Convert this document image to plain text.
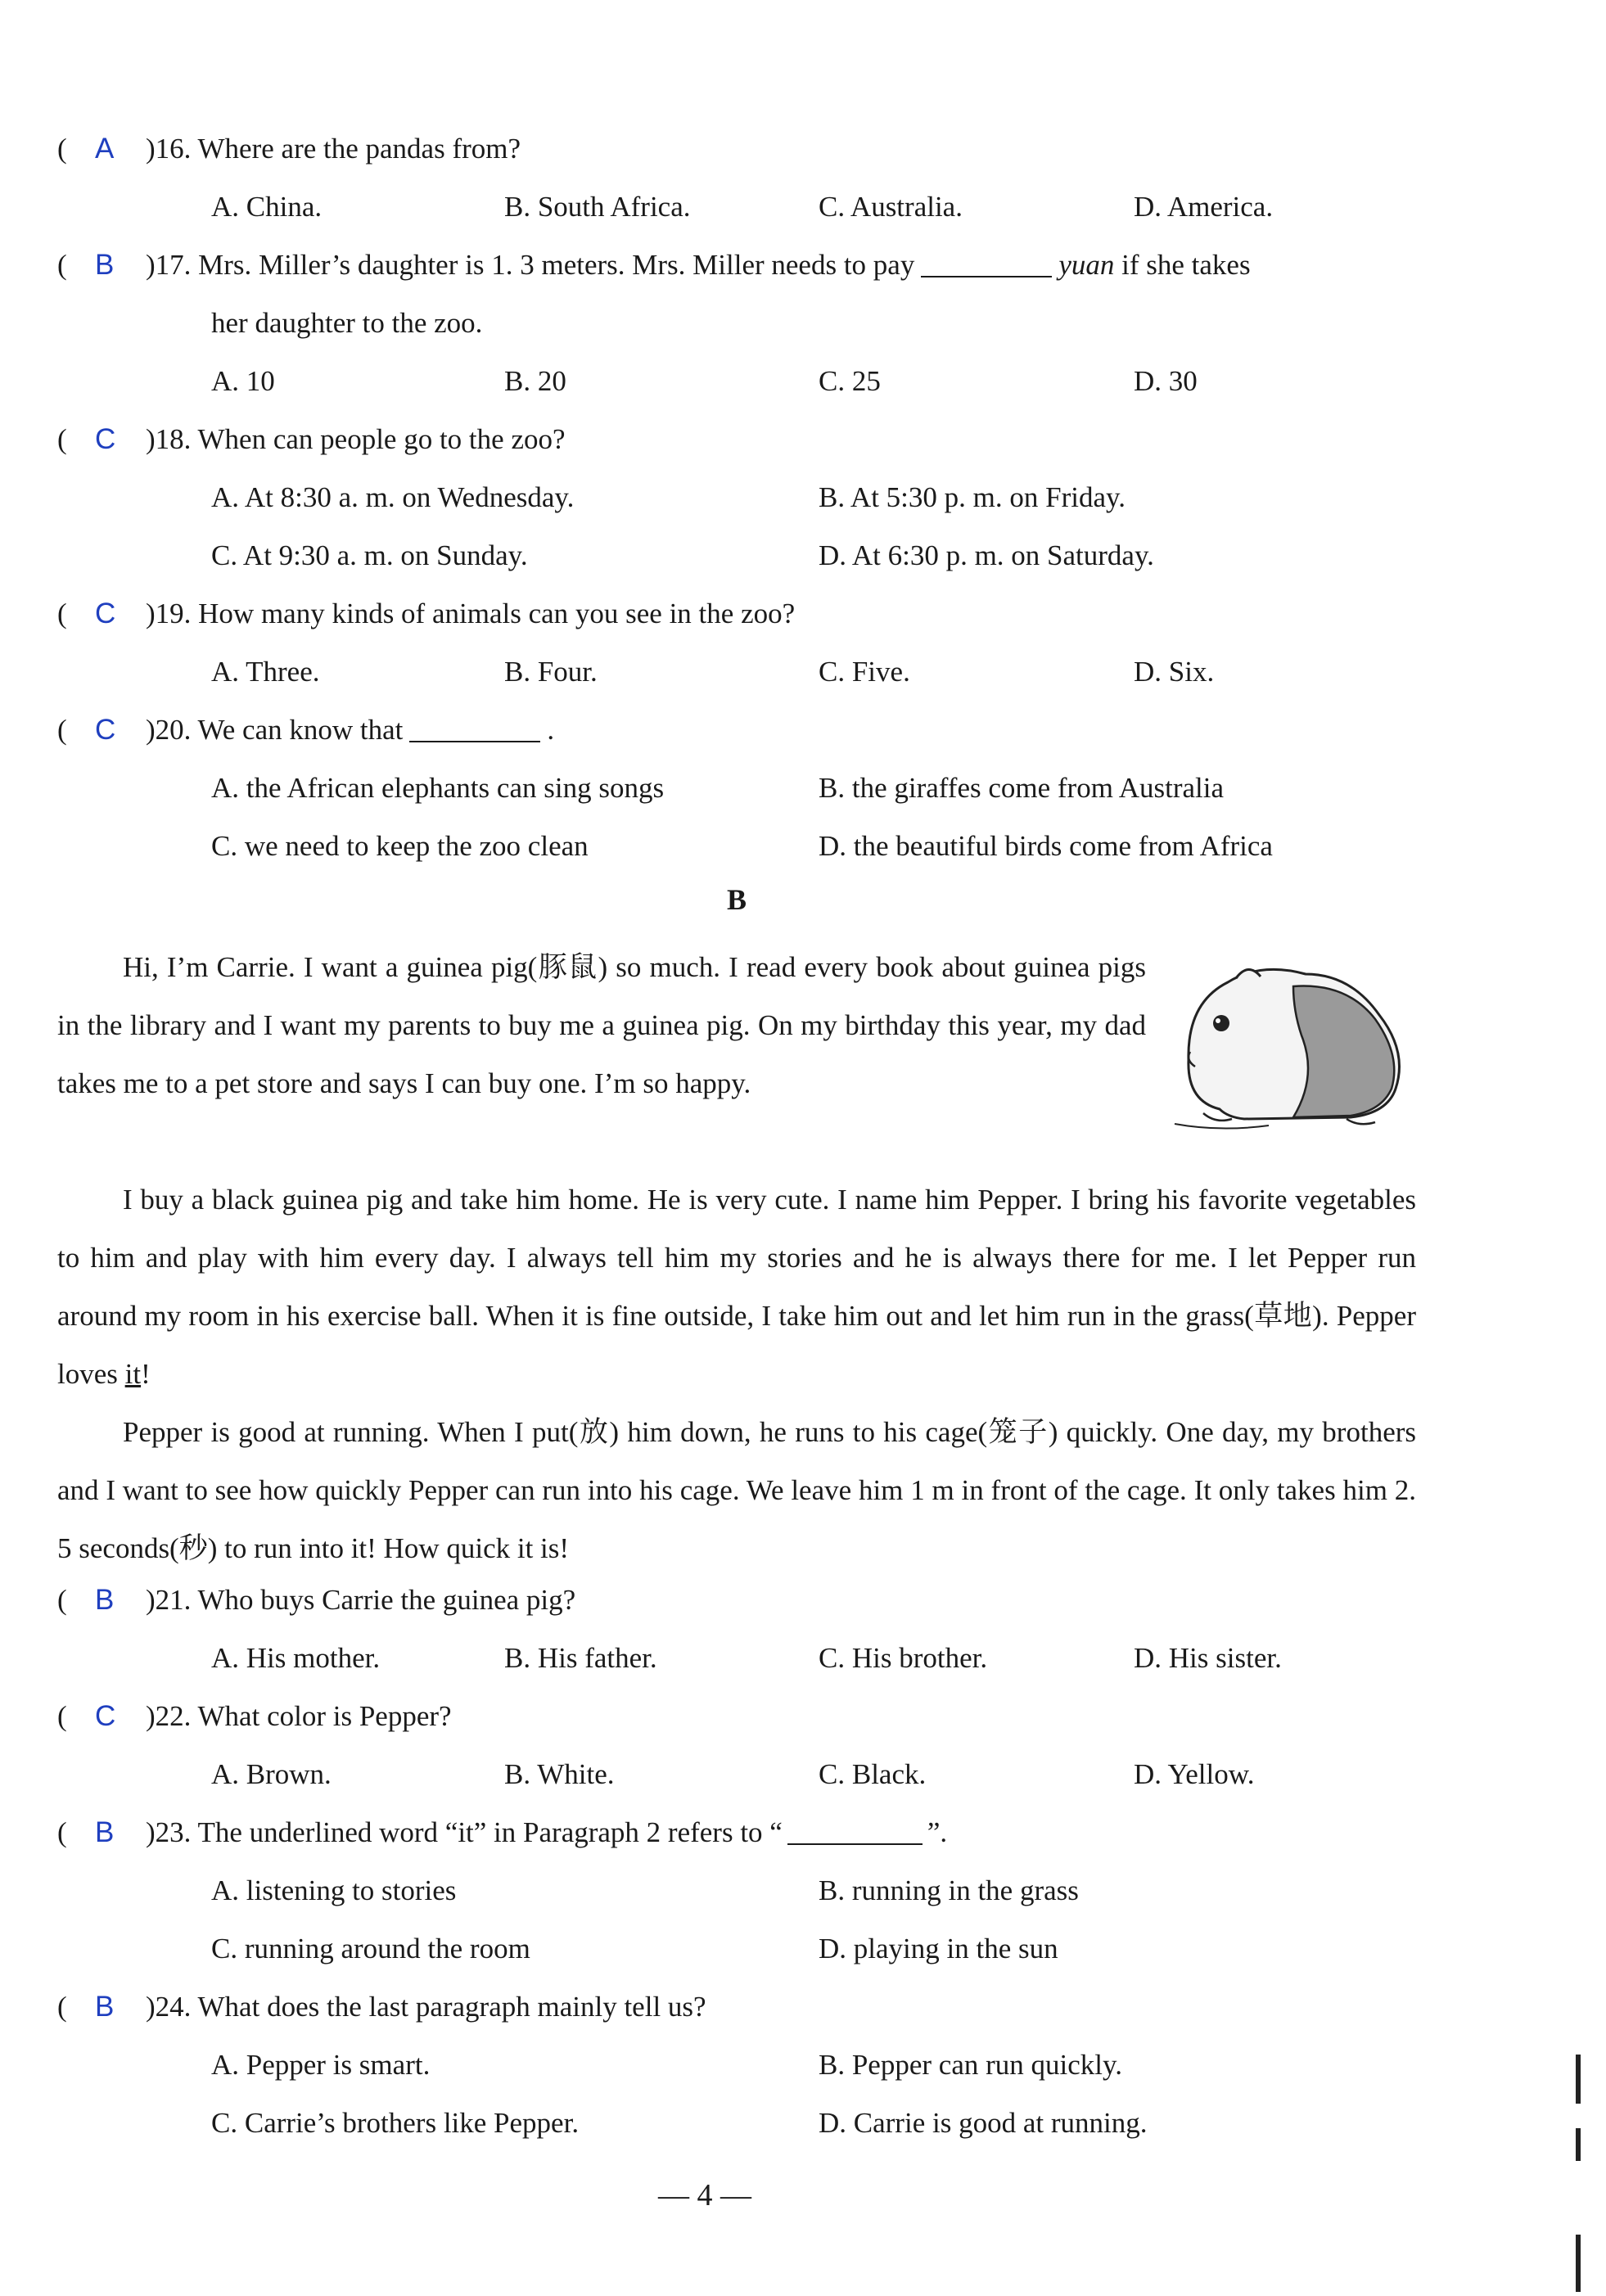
( A )16. Where are the pandas from?
A. China.	B. South Africa.	C. Australia.	D. America.
( B )17. Mrs. Miller’s daughter is 1. 3 meters. Mrs. Miller needs to pay	yuan if she takes
her daughter to the zoo.
A. 10	B. 20	C. 25	D. 30
( C )18. When can people go to the zoo?
A. At 8:30 a. m. on Wednesday.	B. At 5:30 p. m. on Friday.
C. At 9:30 a. m. on Sunday.	D. At 6:30 p. m. on Saturday.
( C )19. How many kinds of animals can you see in the zoo?
A. Three.	B. Four.	C. Five.	D. Six.
( C )20. We can know that	.
A. the African elephants can sing songs	B. the giraffes come from Australia
C. we need to keep the zoo clean	D. the beautiful birds come from Africa
B

Hi, I’m Carrie. I want a guinea pig(豚鼠) so much. I read every book about guinea pigs in the library and I want my parents to buy me a guinea pig. On my birthday this year, my dad takes me to a pet store and says I can buy one. I’m so happy.

I buy a black guinea pig and take him home. He is very cute. I name him Pepper. I bring his favorite vegetables to him and play with him every day. I always tell him my stories and he is always there for me. I let Pepper run around my room in his exercise ball. When it is fine outside, I take him out and let him run in the grass(草地). Pepper loves it!

Pepper is good at running. When I put(放) him down, he runs to his cage(笼子) quickly. One day, my brothers and I want to see how quickly Pepper can run into his cage. We leave him 1 m in front of the cage. It only takes him 2. 5 seconds(秒) to run into it! How quick it is!

( B )21. Who buys Carrie the guinea pig?
A. His mother.	B. His father.	C. His brother.	D. His sister.
( C )22. What color is Pepper?
A. Brown.	B. White.	C. Black.	D. Yellow.
( B )23. The underlined word “it” in Paragraph 2 refers to “	”.
A. listening to stories	B. running in the grass
C. running around the room	D. playing in the sun
( B )24. What does the last paragraph mainly tell us?
A. Pepper is smart.	B. Pepper can run quickly.
C. Carrie’s brothers like Pepper.	D. Carrie is good at running.
— 4 —
